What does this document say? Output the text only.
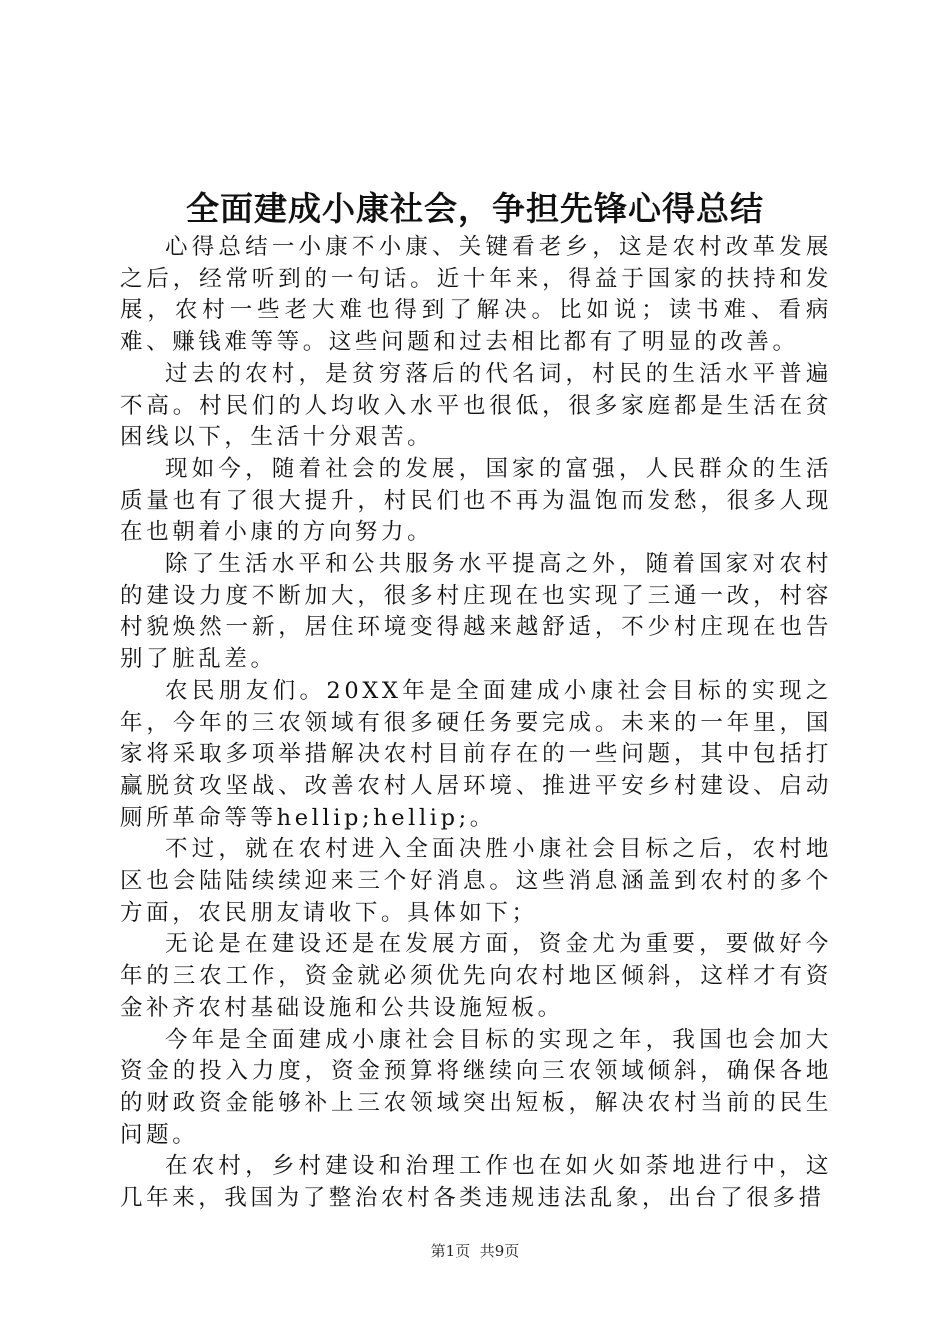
全面建成小康社会，争担先锋心得总结

心得总结一小康不小康、关键看老乡，这是农村改革发展之后，经常听到的一句话。近十年来，得益于国家的扶持和发展，农村一些老大难也得到了解决。比如说；读书难、看病难、赚钱难等等。这些问题和过去相比都有了明显的改善。

过去的农村，是贫穷落后的代名词，村民的生活水平普遍不高。村民们的人均收入水平也很低，很多家庭都是生活在贫困线以下，生活十分艰苦。

现如今，随着社会的发展，国家的富强，人民群众的生活质量也有了很大提升，村民们也不再为温饱而发愁，很多人现在也朝着小康的方向努力。

除了生活水平和公共服务水平提高之外，随着国家对农村的建设力度不断加大，很多村庄现在也实现了三通一改，村容村貌焕然一新，居住环境变得越来越舒适，不少村庄现在也告别了脏乱差。

农民朋友们。20XX年是全面建成小康社会目标的实现之年，今年的三农领域有很多硬任务要完成。未来的一年里，国家将采取多项举措解决农村目前存在的一些问题，其中包括打赢脱贫攻坚战、改善农村人居环境、推进平安乡村建设、启动厕所革命等等hellip;hellip;。

不过，就在农村进入全面决胜小康社会目标之后，农村地区也会陆陆续续迎来三个好消息。这些消息涵盖到农村的多个方面，农民朋友请收下。具体如下；

无论是在建设还是在发展方面，资金尤为重要，要做好今年的三农工作，资金就必须优先向农村地区倾斜，这样才有资金补齐农村基础设施和公共设施短板。

今年是全面建成小康社会目标的实现之年，我国也会加大资金的投入力度，资金预算将继续向三农领域倾斜，确保各地的财政资金能够补上三农领域突出短板，解决农村当前的民生问题。

在农村，乡村建设和治理工作也在如火如荼地进行中，这几年来，我国为了整治农村各类违规违法乱象，出台了很多措

第1页 共9页
